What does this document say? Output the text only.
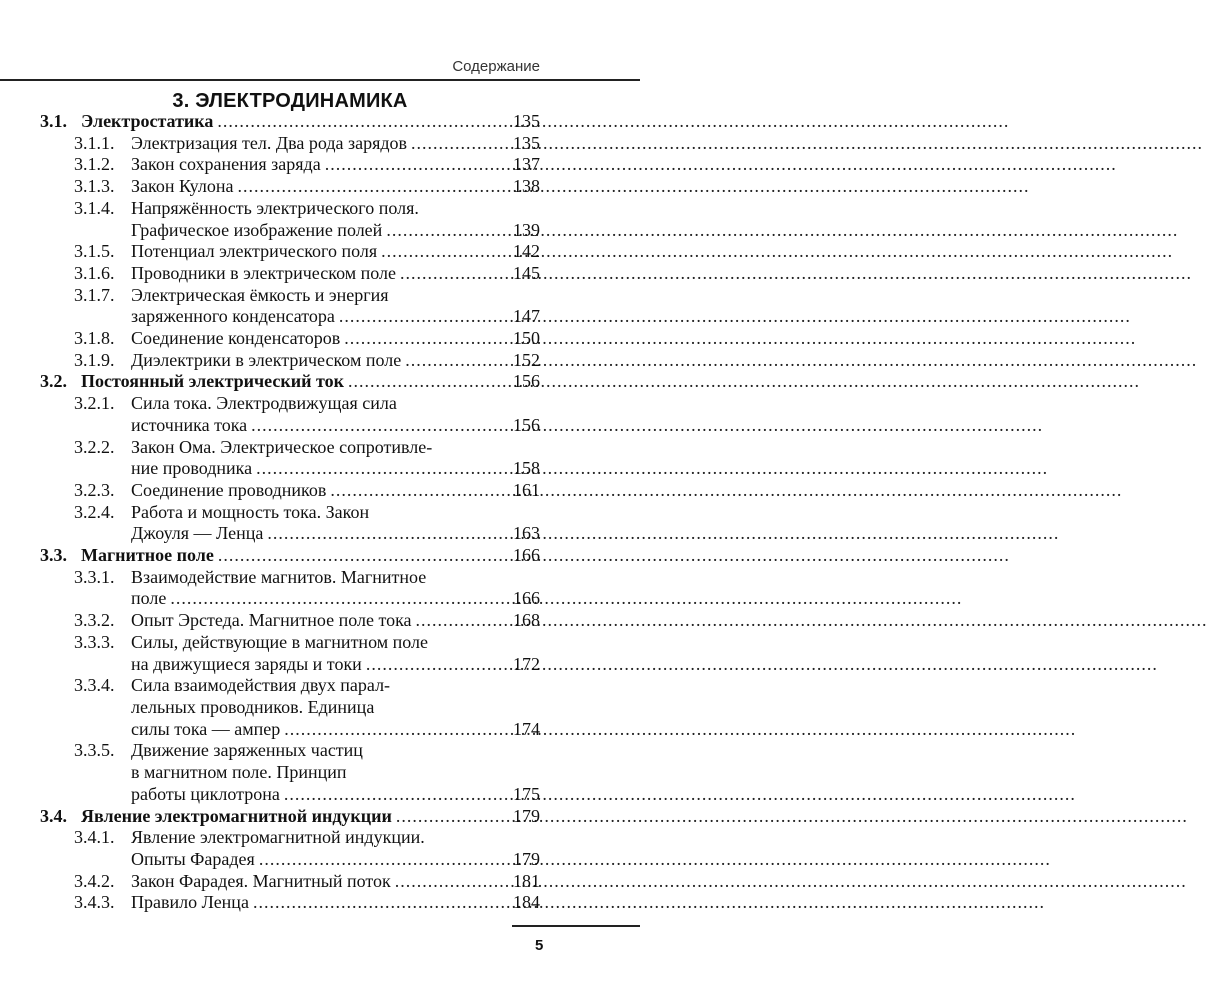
Содержание
3. ЭЛЕКТРОДИНАМИКА
3.1. Электростатика .....	135
3.1.1. Электризация тел. Два рода зарядов .....	135
3.1.2. Закон сохранения заряда .....	137
3.1.3. Закон Кулона .....	138
3.1.4. Напряжённость электрического поля.
Графическое изображение полей .....	139
3.1.5. Потенциал электрического поля .....	142
3.1.6. Проводники в электрическом поле .....	145
3.1.7. Электрическая ёмкость и энергия
заряженного конденсатора .....	147
3.1.8. Соединение конденсаторов .....	150
3.1.9. Диэлектрики в электрическом поле .....	152
3.2. Постоянный электрический ток .....	156
3.2.1. Сила тока. Электродвижущая сила
источника тока .....	156
3.2.2. Закон Ома. Электрическое сопротивле-
ние проводника .....	158
3.2.3. Соединение проводников .....	161
3.2.4. Работа и мощность тока. Закон
Джоуля — Ленца .....	163
3.3. Магнитное поле .....	166
3.3.1. Взаимодействие магнитов. Магнитное
поле .....	166
3.3.2. Опыт Эрстеда. Магнитное поле тока .....	168
3.3.3. Силы, действующие в магнитном поле
на движущиеся заряды и токи .....	172
3.3.4. Сила взаимодействия двух парал-
лельных проводников. Единица
силы тока — ампер .....	174
3.3.5. Движение заряженных частиц
в магнитном поле. Принцип
работы циклотрона .....	175
3.4. Явление электромагнитной индукции .....	179
3.4.1. Явление электромагнитной индукции.
Опыты Фарадея .....	179
3.4.2. Закон Фарадея. Магнитный поток .....	181
3.4.3. Правило Ленца .....	184
5
